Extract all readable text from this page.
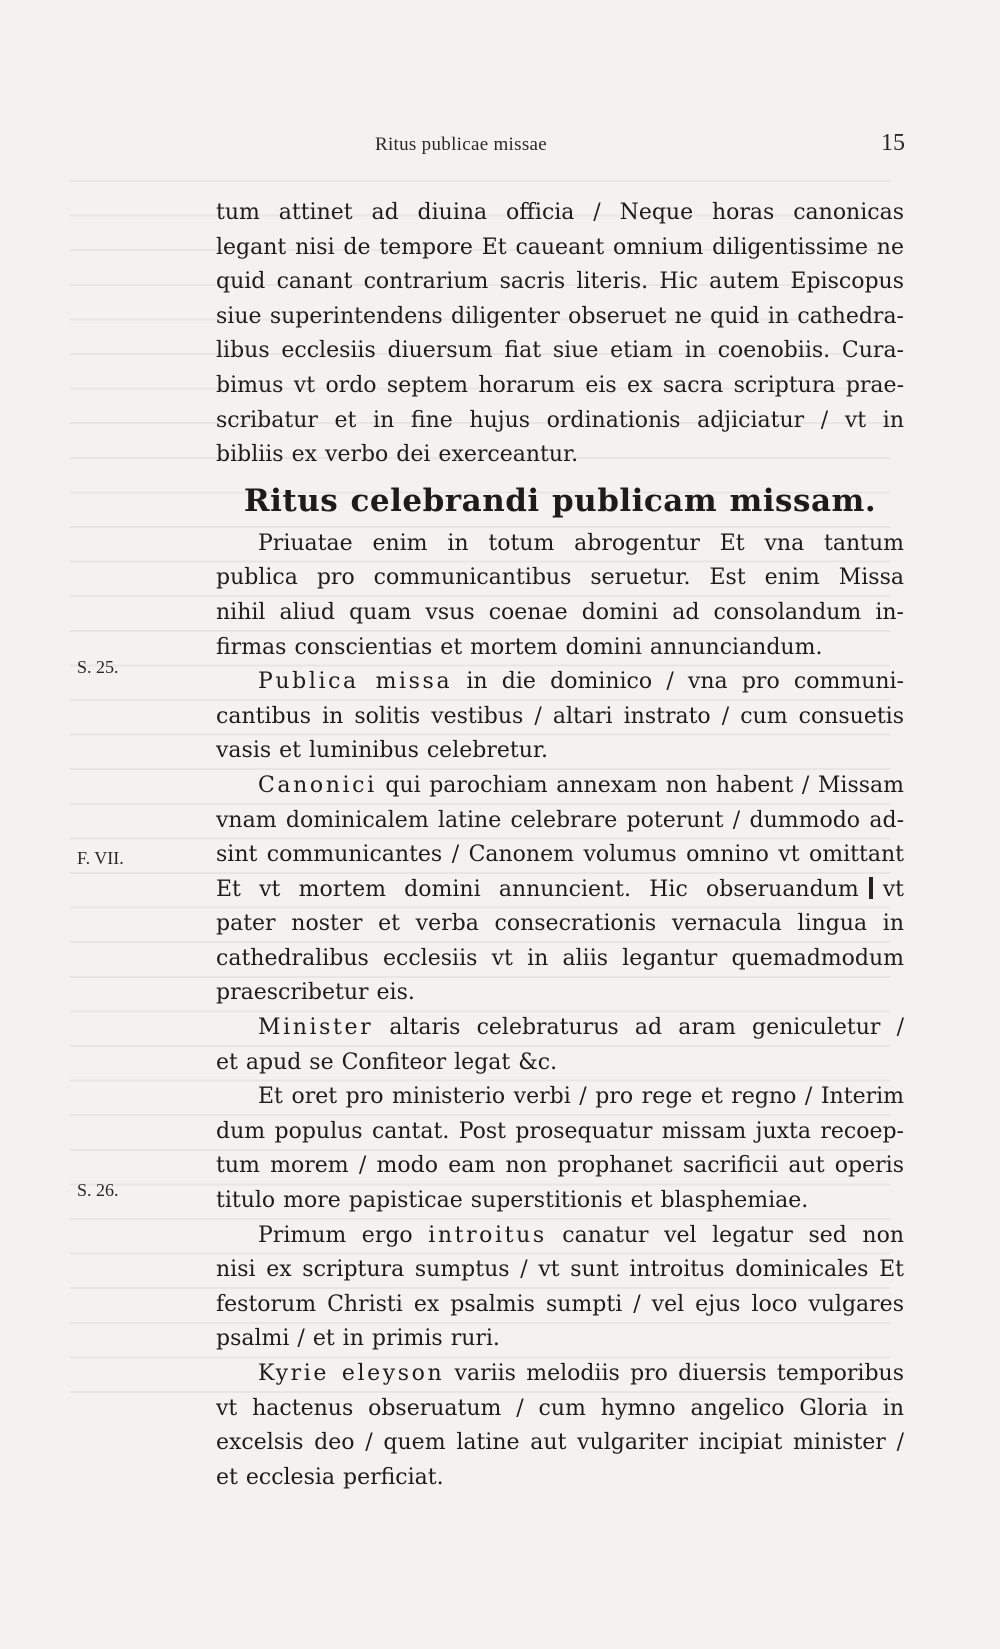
Ritus publicae missae	15
S. 25.
F. VII.
S. 26.
tum attinet ad diuina officia / Neque horas canonicas
legant nisi de tempore Et caueant omnium diligentissime ne
quid canant contrarium sacris literis. Hic autem Episcopus
siue superintendens diligenter obseruet ne quid in cathedra-
libus ecclesiis diuersum fiat siue etiam in coenobiis. Cura-
bimus vt ordo septem horarum eis ex sacra scriptura prae-
scribatur et in fine hujus ordinationis adjiciatur / vt in
bibliis ex verbo dei exerceantur.
Ritus celebrandi publicam missam.
Priuatae enim in totum abrogentur Et vna tantum
publica pro communicantibus seruetur. Est enim Missa
nihil aliud quam vsus coenae domini ad consolandum in-
firmas conscientias et mortem domini annunciandum.
Publica missa in die dominico / vna pro communi-
cantibus in solitis vestibus / altari instrato / cum consuetis
vasis et luminibus celebretur.
Canonici qui parochiam annexam non habent / Missam
vnam dominicalem latine celebrare poterunt / dummodo ad-
sint communicantes / Canonem volumus omnino vt omittant
Et vt mortem domini annuncient. Hic obseruandum vt
pater noster et verba consecrationis vernacula lingua in
cathedralibus ecclesiis vt in aliis legantur quemadmodum
praescribetur eis.
Minister altaris celebraturus ad aram geniculetur /
et apud se Confiteor legat &c.
Et oret pro ministerio verbi / pro rege et regno / Interim
dum populus cantat. Post prosequatur missam juxta recoep-
tum morem / modo eam non prophanet sacrificii aut operis
titulo more papisticae superstitionis et blasphemiae.
Primum ergo introitus canatur vel legatur sed non
nisi ex scriptura sumptus / vt sunt introitus dominicales Et
festorum Christi ex psalmis sumpti / vel ejus loco vulgares
psalmi / et in primis ruri.
Kyrie eleyson variis melodiis pro diuersis temporibus
vt hactenus obseruatum / cum hymno angelico Gloria in
excelsis deo / quem latine aut vulgariter incipiat minister /
et ecclesia perficiat.
